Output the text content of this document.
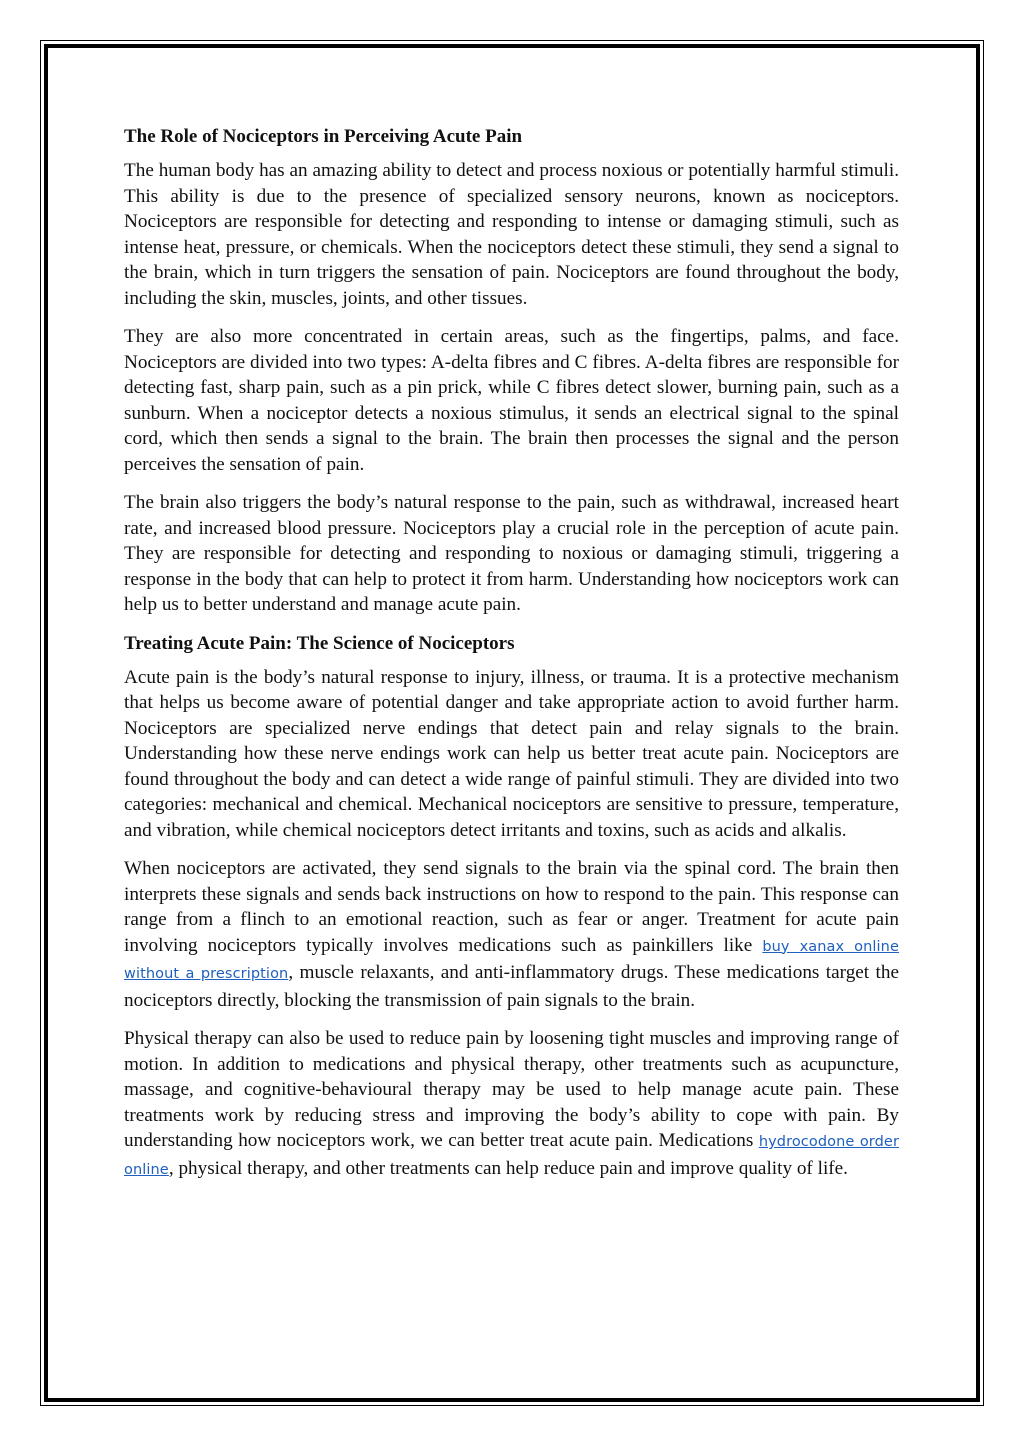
The Role of Nociceptors in Perceiving Acute Pain

The human body has an amazing ability to detect and process noxious or potentially harmful stimuli. This ability is due to the presence of specialized sensory neurons, known as nociceptors. Nociceptors are responsible for detecting and responding to intense or damaging stimuli, such as intense heat, pressure, or chemicals. When the nociceptors detect these stimuli, they send a signal to the brain, which in turn triggers the sensation of pain. Nociceptors are found throughout the body, including the skin, muscles, joints, and other tissues.

They are also more concentrated in certain areas, such as the fingertips, palms, and face. Nociceptors are divided into two types: A-delta fibres and C fibres. A-delta fibres are responsible for detecting fast, sharp pain, such as a pin prick, while C fibres detect slower, burning pain, such as a sunburn. When a nociceptor detects a noxious stimulus, it sends an electrical signal to the spinal cord, which then sends a signal to the brain. The brain then processes the signal and the person perceives the sensation of pain.

The brain also triggers the body’s natural response to the pain, such as withdrawal, increased heart rate, and increased blood pressure. Nociceptors play a crucial role in the perception of acute pain. They are responsible for detecting and responding to noxious or damaging stimuli, triggering a response in the body that can help to protect it from harm. Understanding how nociceptors work can help us to better understand and manage acute pain.

Treating Acute Pain: The Science of Nociceptors

Acute pain is the body’s natural response to injury, illness, or trauma. It is a protective mechanism that helps us become aware of potential danger and take appropriate action to avoid further harm. Nociceptors are specialized nerve endings that detect pain and relay signals to the brain. Understanding how these nerve endings work can help us better treat acute pain. Nociceptors are found throughout the body and can detect a wide range of painful stimuli. They are divided into two categories: mechanical and chemical. Mechanical nociceptors are sensitive to pressure, temperature, and vibration, while chemical nociceptors detect irritants and toxins, such as acids and alkalis.

When nociceptors are activated, they send signals to the brain via the spinal cord. The brain then interprets these signals and sends back instructions on how to respond to the pain. This response can range from a flinch to an emotional reaction, such as fear or anger. Treatment for acute pain involving nociceptors typically involves medications such as painkillers like buy xanax online without a prescription, muscle relaxants, and anti-inflammatory drugs. These medications target the nociceptors directly, blocking the transmission of pain signals to the brain.

Physical therapy can also be used to reduce pain by loosening tight muscles and improving range of motion. In addition to medications and physical therapy, other treatments such as acupuncture, massage, and cognitive-behavioural therapy may be used to help manage acute pain. These treatments work by reducing stress and improving the body’s ability to cope with pain. By understanding how nociceptors work, we can better treat acute pain. Medications hydrocodone order online, physical therapy, and other treatments can help reduce pain and improve quality of life.
